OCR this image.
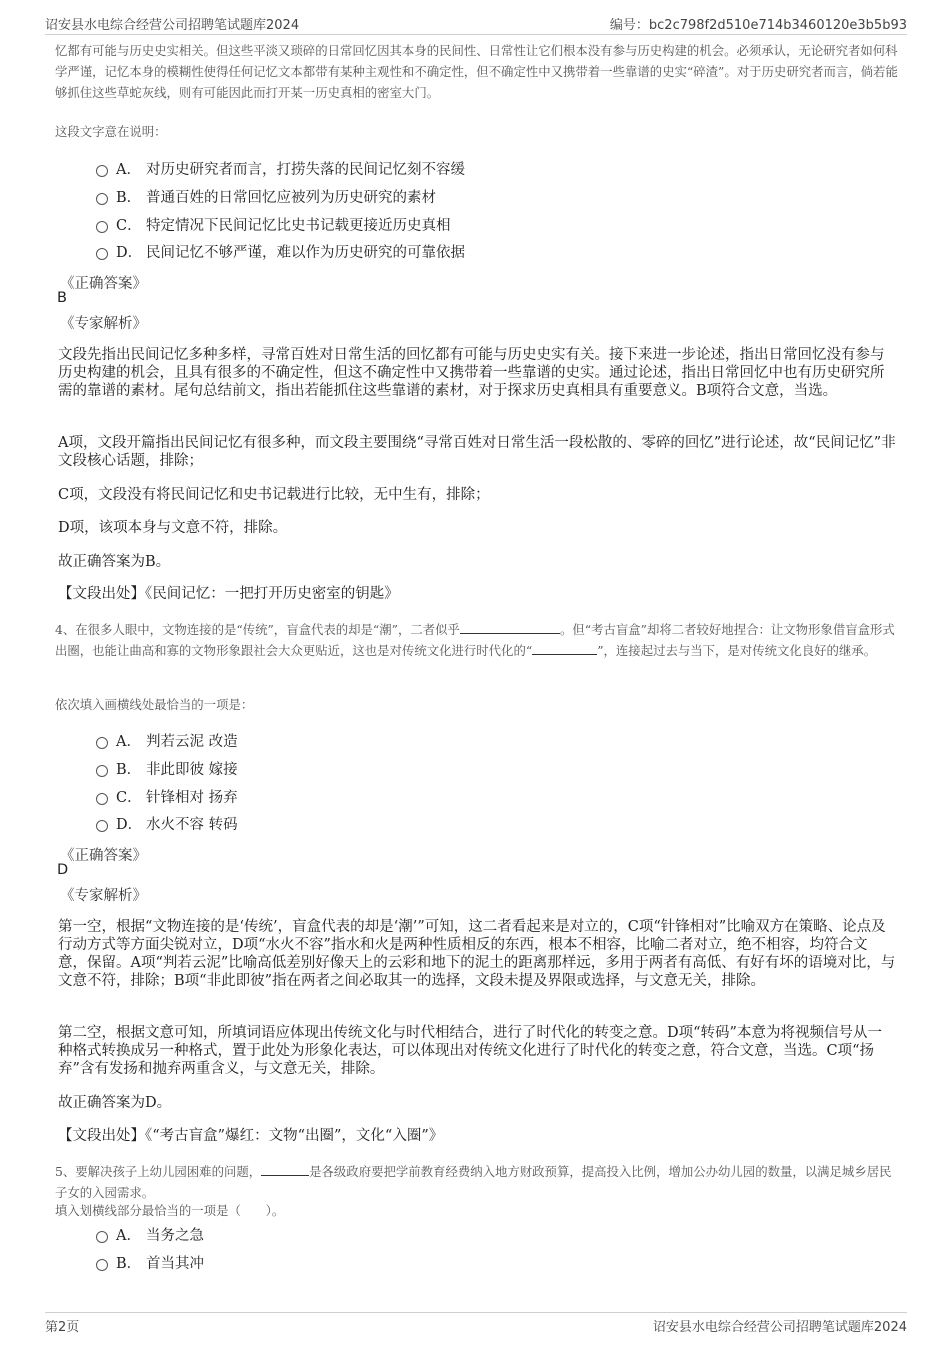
诏安县水电综合经营公司招聘笔试题库2024	编号：bc2c798f2d510e714b3460120e3b5b93
忆都有可能与历史史实相关。但这些平淡又琐碎的日常回忆因其本身的民间性、日常性让它们根本没有参与历史构建的机会。必须承认，无论研究者如何科学严谨，记忆本身的模糊性使得任何记忆文本都带有某种主观性和不确定性，但不确定性中又携带着一些靠谱的史实“碎渣”。对于历史研究者而言，倘若能够抓住这些草蛇灰线，则有可能因此而打开某一历史真相的密室大门。
这段文字意在说明：
A． 对历史研究者而言，打捞失落的民间记忆刻不容缓
B． 普通百姓的日常回忆应被列为历史研究的素材
C． 特定情况下民间记忆比史书记载更接近历史真相
D． 民间记忆不够严谨，难以作为历史研究的可靠依据
《正确答案》
B
《专家解析》
文段先指出民间记忆多种多样，寻常百姓对日常生活的回忆都有可能与历史史实有关。接下来进一步论述，指出日常回忆没有参与历史构建的机会，且具有很多的不确定性，但这不确定性中又携带着一些靠谱的史实。通过论述，指出日常回忆中也有历史研究所需的靠谱的素材。尾句总结前文，指出若能抓住这些靠谱的素材，对于探求历史真相具有重要意义。B项符合文意，当选。
A项，文段开篇指出民间记忆有很多种，而文段主要围绕“寻常百姓对日常生活一段松散的、零碎的回忆”进行论述，故“民间记忆”非文段核心话题，排除；
C项，文段没有将民间记忆和史书记载进行比较，无中生有，排除；
D项，该项本身与文意不符，排除。
故正确答案为B。
【文段出处】《民间记忆：一把打开历史密室的钥匙》
4、在很多人眼中，文物连接的是“传统”，盲盒代表的却是“潮”，二者似乎	。但“考古盲盒”却将二者较好地捏合：让文物形象借盲盒形式出圈，也能让曲高和寡的文物形象跟社会大众更贴近，这也是对传统文化进行时代化的“	”，连接起过去与当下，是对传统文化良好的继承。
依次填入画横线处最恰当的一项是：
A． 判若云泥 改造
B． 非此即彼 嫁接
C． 针锋相对 扬弃
D． 水火不容 转码
《正确答案》
D
《专家解析》
第一空，根据“文物连接的是‘传统’，盲盒代表的却是‘潮’”可知，这二者看起来是对立的，C项“针锋相对”比喻双方在策略、论点及行动方式等方面尖锐对立，D项“水火不容”指水和火是两种性质相反的东西，根本不相容，比喻二者对立，绝不相容，均符合文意，保留。A项“判若云泥”比喻高低差别好像天上的云彩和地下的泥土的距离那样远，多用于两者有高低、有好有坏的语境对比，与文意不符，排除；B项“非此即彼”指在两者之间必取其一的选择，文段未提及界限或选择，与文意无关，排除。
第二空，根据文意可知，所填词语应体现出传统文化与时代相结合，进行了时代化的转变之意。D项“转码”本意为将视频信号从一种格式转换成另一种格式，置于此处为形象化表达，可以体现出对传统文化进行了时代化的转变之意，符合文意，当选。C项“扬弃”含有发扬和抛弃两重含义，与文意无关，排除。
故正确答案为D。
【文段出处】《“考古盲盒”爆红：文物“出圈”，文化“入圈”》
5、要解决孩子上幼儿园困难的问题，	是各级政府要把学前教育经费纳入地方财政预算，提高投入比例，增加公办幼儿园的数量，以满足城乡居民子女的入园需求。
填入划横线部分最恰当的一项是（　　）。
A． 当务之急
B． 首当其冲
第2页	诏安县水电综合经营公司招聘笔试题库2024
